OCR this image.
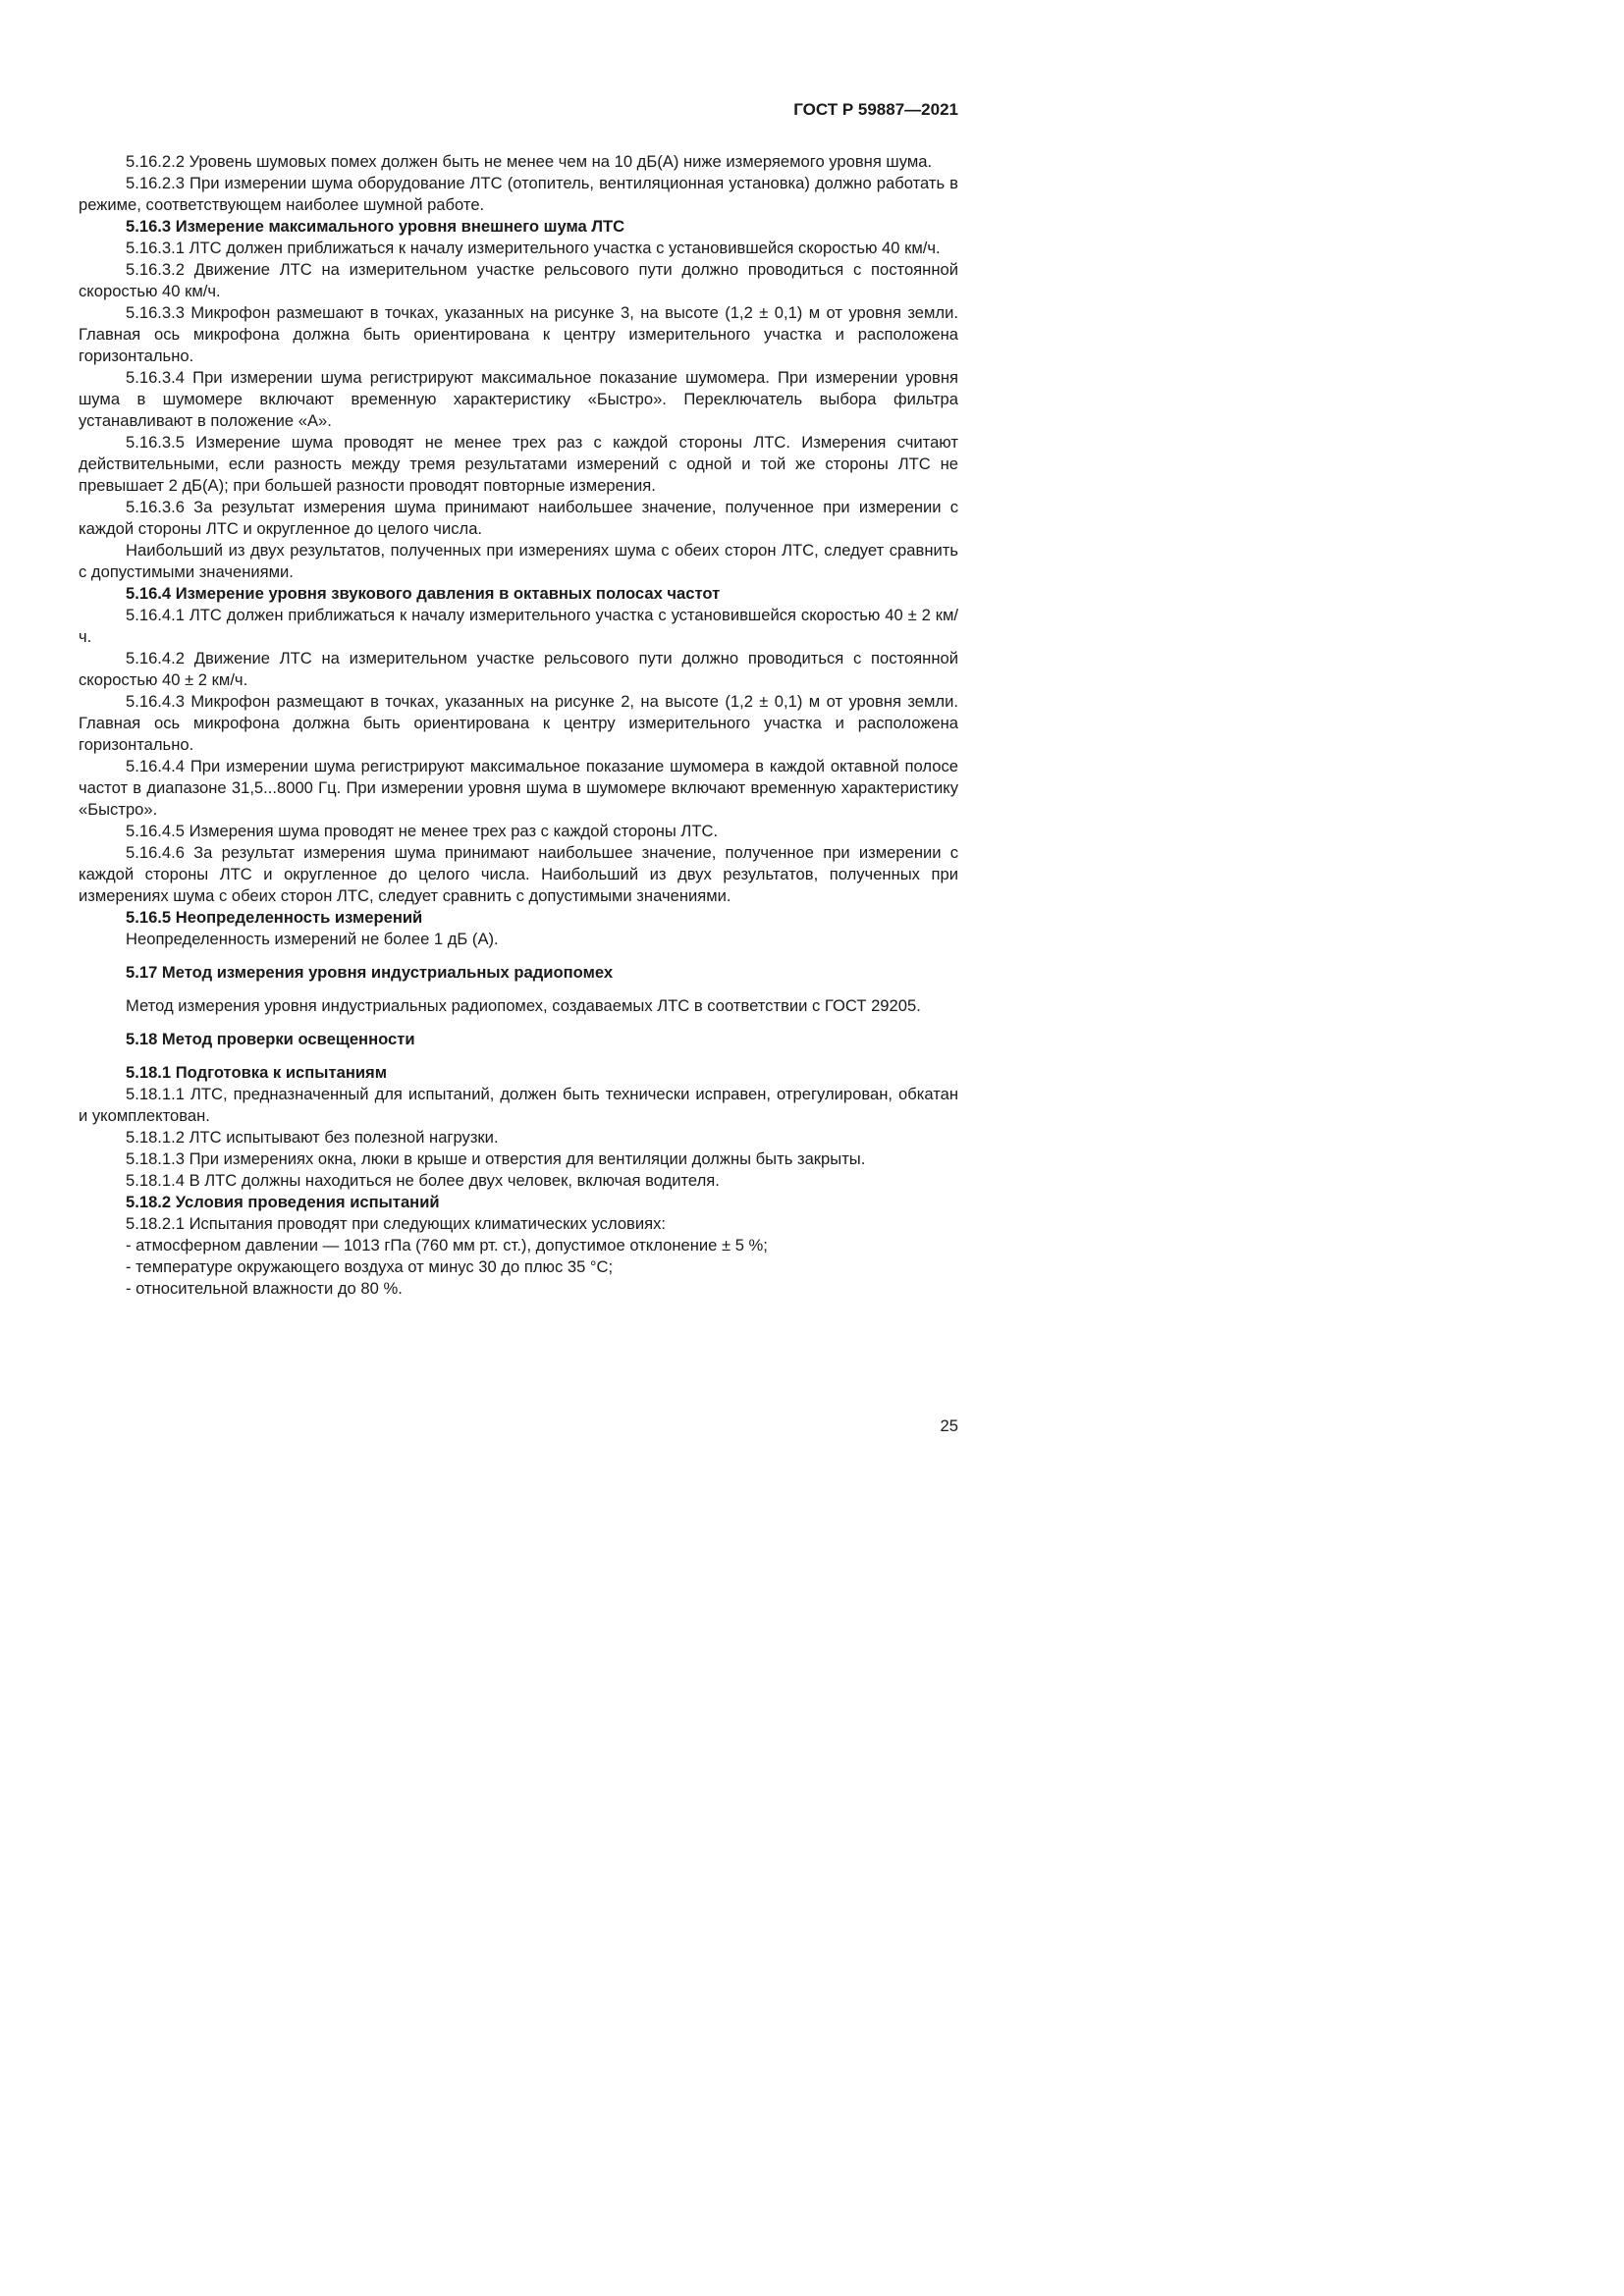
ГОСТ Р 59887—2021

5.16.2.2 Уровень шумовых помех должен быть не менее чем на 10 дБ(А) ниже измеряемого уровня шума.

5.16.2.3 При измерении шума оборудование ЛТС (отопитель, вентиляционная установка) должно работать в режиме, соответствующем наиболее шумной работе.

5.16.3 Измерение максимального уровня внешнего шума ЛТС

5.16.3.1 ЛТС должен приближаться к началу измерительного участка с установившейся скоростью 40 км/ч.

5.16.3.2 Движение ЛТС на измерительном участке рельсового пути должно проводиться с постоянной скоростью 40 км/ч.

5.16.3.3 Микрофон размешают в точках, указанных на рисунке 3, на высоте (1,2 ± 0,1) м от уровня земли. Главная ось микрофона должна быть ориентирована к центру измерительного участка и расположена горизонтально.

5.16.3.4 При измерении шума регистрируют максимальное показание шумомера. При измерении уровня шума в шумомере включают временную характеристику «Быстро». Переключатель выбора фильтра устанавливают в положение «А».

5.16.3.5 Измерение шума проводят не менее трех раз с каждой стороны ЛТС. Измерения считают действительными, если разность между тремя результатами измерений с одной и той же стороны ЛТС не превышает 2 дБ(А); при большей разности проводят повторные измерения.

5.16.3.6 За результат измерения шума принимают наибольшее значение, полученное при измерении с каждой стороны ЛТС и округленное до целого числа.

Наибольший из двух результатов, полученных при измерениях шума с обеих сторон ЛТС, следует сравнить с допустимыми значениями.

5.16.4 Измерение уровня звукового давления в октавных полосах частот

5.16.4.1 ЛТС должен приближаться к началу измерительного участка с установившейся скоростью 40 ± 2 км/ч.

5.16.4.2 Движение ЛТС на измерительном участке рельсового пути должно проводиться с постоянной скоростью 40 ± 2 км/ч.

5.16.4.3 Микрофон размещают в точках, указанных на рисунке 2, на высоте (1,2 ± 0,1) м от уровня земли. Главная ось микрофона должна быть ориентирована к центру измерительного участка и расположена горизонтально.

5.16.4.4 При измерении шума регистрируют максимальное показание шумомера в каждой октавной полосе частот в диапазоне 31,5...8000 Гц. При измерении уровня шума в шумомере включают временную характеристику «Быстро».

5.16.4.5 Измерения шума проводят не менее трех раз с каждой стороны ЛТС.

5.16.4.6 За результат измерения шума принимают наибольшее значение, полученное при измерении с каждой стороны ЛТС и округленное до целого числа. Наибольший из двух результатов, полученных при измерениях шума с обеих сторон ЛТС, следует сравнить с допустимыми значениями.

5.16.5 Неопределенность измерений

Неопределенность измерений не более 1 дБ (А).

5.17 Метод измерения уровня индустриальных радиопомех

Метод измерения уровня индустриальных радиопомех, создаваемых ЛТС в соответствии с ГОСТ 29205.

5.18 Метод проверки освещенности

5.18.1 Подготовка к испытаниям

5.18.1.1 ЛТС, предназначенный для испытаний, должен быть технически исправен, отрегулирован, обкатан и укомплектован.

5.18.1.2 ЛТС испытывают без полезной нагрузки.

5.18.1.3 При измерениях окна, люки в крыше и отверстия для вентиляции должны быть закрыты.

5.18.1.4 В ЛТС должны находиться не более двух человек, включая водителя.

5.18.2 Условия проведения испытаний

5.18.2.1 Испытания проводят при следующих климатических условиях:

- атмосферном давлении — 1013 гПа (760 мм рт. ст.), допустимое отклонение ± 5 %;

- температуре окружающего воздуха от минус 30 до плюс 35 °С;

- относительной влажности до 80 %.

25
